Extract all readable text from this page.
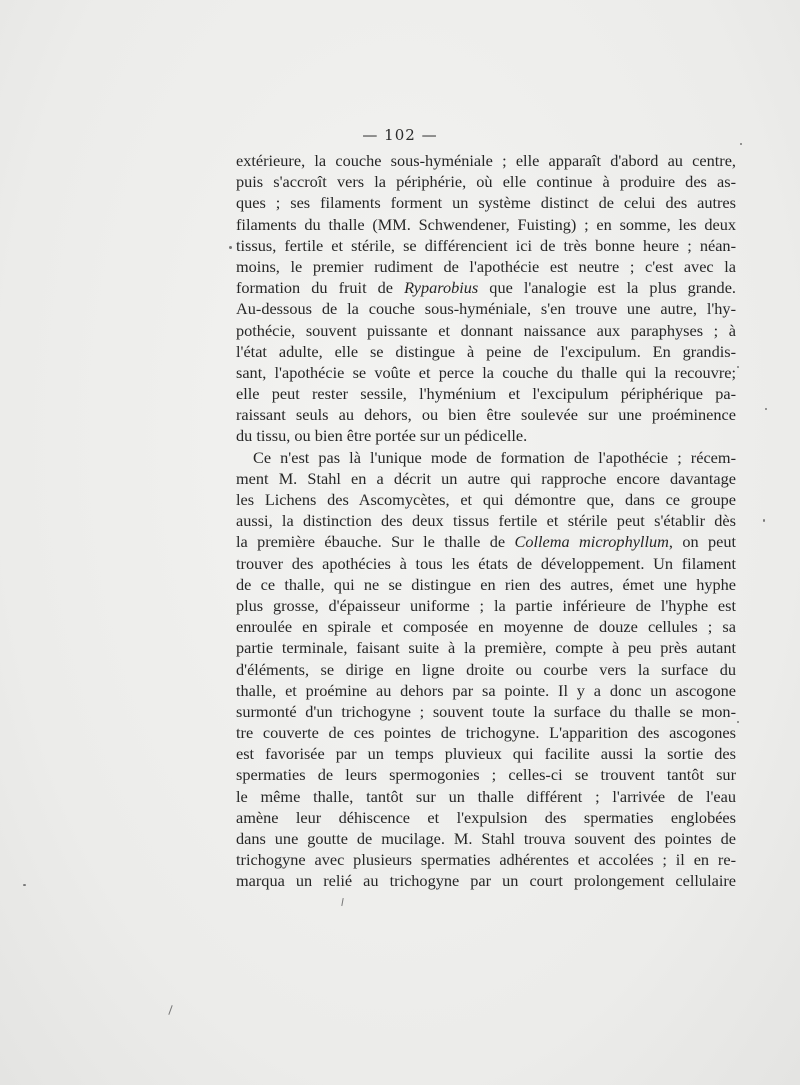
— 102 —
extérieure, la couche sous-hyméniale ; elle apparaît d'abord au centre,
puis s'accroît vers la périphérie, où elle continue à produire des as-
ques ; ses filaments forment un système distinct de celui des autres
filaments du thalle (MM. Schwendener, Fuisting) ; en somme, les deux
tissus, fertile et stérile, se différencient ici de très bonne heure ; néan-
moins, le premier rudiment de l'apothécie est neutre ; c'est avec la
formation du fruit de Ryparobius que l'analogie est la plus grande.
Au-dessous de la couche sous-hyméniale, s'en trouve une autre, l'hy-
pothécie, souvent puissante et donnant naissance aux paraphyses ; à
l'état adulte, elle se distingue à peine de l'excipulum. En grandis-
sant, l'apothécie se voûte et perce la couche du thalle qui la recouvre;
elle peut rester sessile, l'hyménium et l'excipulum périphérique pa-
raissant seuls au dehors, ou bien être soulevée sur une proéminence
du tissu, ou bien être portée sur un pédicelle.
Ce n'est pas là l'unique mode de formation de l'apothécie ; récem-
ment M. Stahl en a décrit un autre qui rapproche encore davantage
les Lichens des Ascomycètes, et qui démontre que, dans ce groupe
aussi, la distinction des deux tissus fertile et stérile peut s'établir dès
la première ébauche. Sur le thalle de Collema microphyllum, on peut
trouver des apothécies à tous les états de développement. Un filament
de ce thalle, qui ne se distingue en rien des autres, émet une hyphe
plus grosse, d'épaisseur uniforme ; la partie inférieure de l'hyphe est
enroulée en spirale et composée en moyenne de douze cellules ; sa
partie terminale, faisant suite à la première, compte à peu près autant
d'éléments, se dirige en ligne droite ou courbe vers la surface du
thalle, et proémine au dehors par sa pointe. Il y a donc un ascogone
surmonté d'un trichogyne ; souvent toute la surface du thalle se mon-
tre couverte de ces pointes de trichogyne. L'apparition des ascogones
est favorisée par un temps pluvieux qui facilite aussi la sortie des
spermaties de leurs spermogonies ; celles-ci se trouvent tantôt sur
le même thalle, tantôt sur un thalle différent ; l'arrivée de l'eau
amène leur déhiscence et l'expulsion des spermaties englobées
dans une goutte de mucilage. M. Stahl trouva souvent des pointes de
trichogyne avec plusieurs spermaties adhérentes et accolées ; il en re-
marqua un relié au trichogyne par un court prolongement cellulaire
